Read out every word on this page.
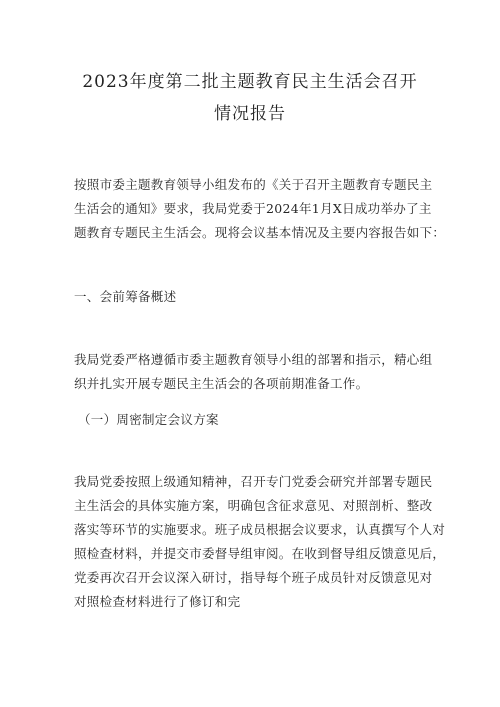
2023年度第二批主题教育民主生活会召开
情况报告
按照市委主题教育领导小组发布的《关于召开主题教育专题民主
生活会的通知》要求，我局党委于2024年1月X日成功举办了主
题教育专题民主生活会。现将会议基本情况及主要内容报告如下：
一、会前筹备概述
我局党委严格遵循市委主题教育领导小组的部署和指示，精心组
织并扎实开展专题民主生活会的各项前期准备工作。
（一）周密制定会议方案
我局党委按照上级通知精神，召开专门党委会研究并部署专题民
主生活会的具体实施方案，明确包含征求意见、对照剖析、整改
落实等环节的实施要求。班子成员根据会议要求，认真撰写个人对
照检查材料，并提交市委督导组审阅。在收到督导组反馈意见后，
党委再次召开会议深入研讨，指导每个班子成员针对反馈意见对
对照检查材料进行了修订和完
